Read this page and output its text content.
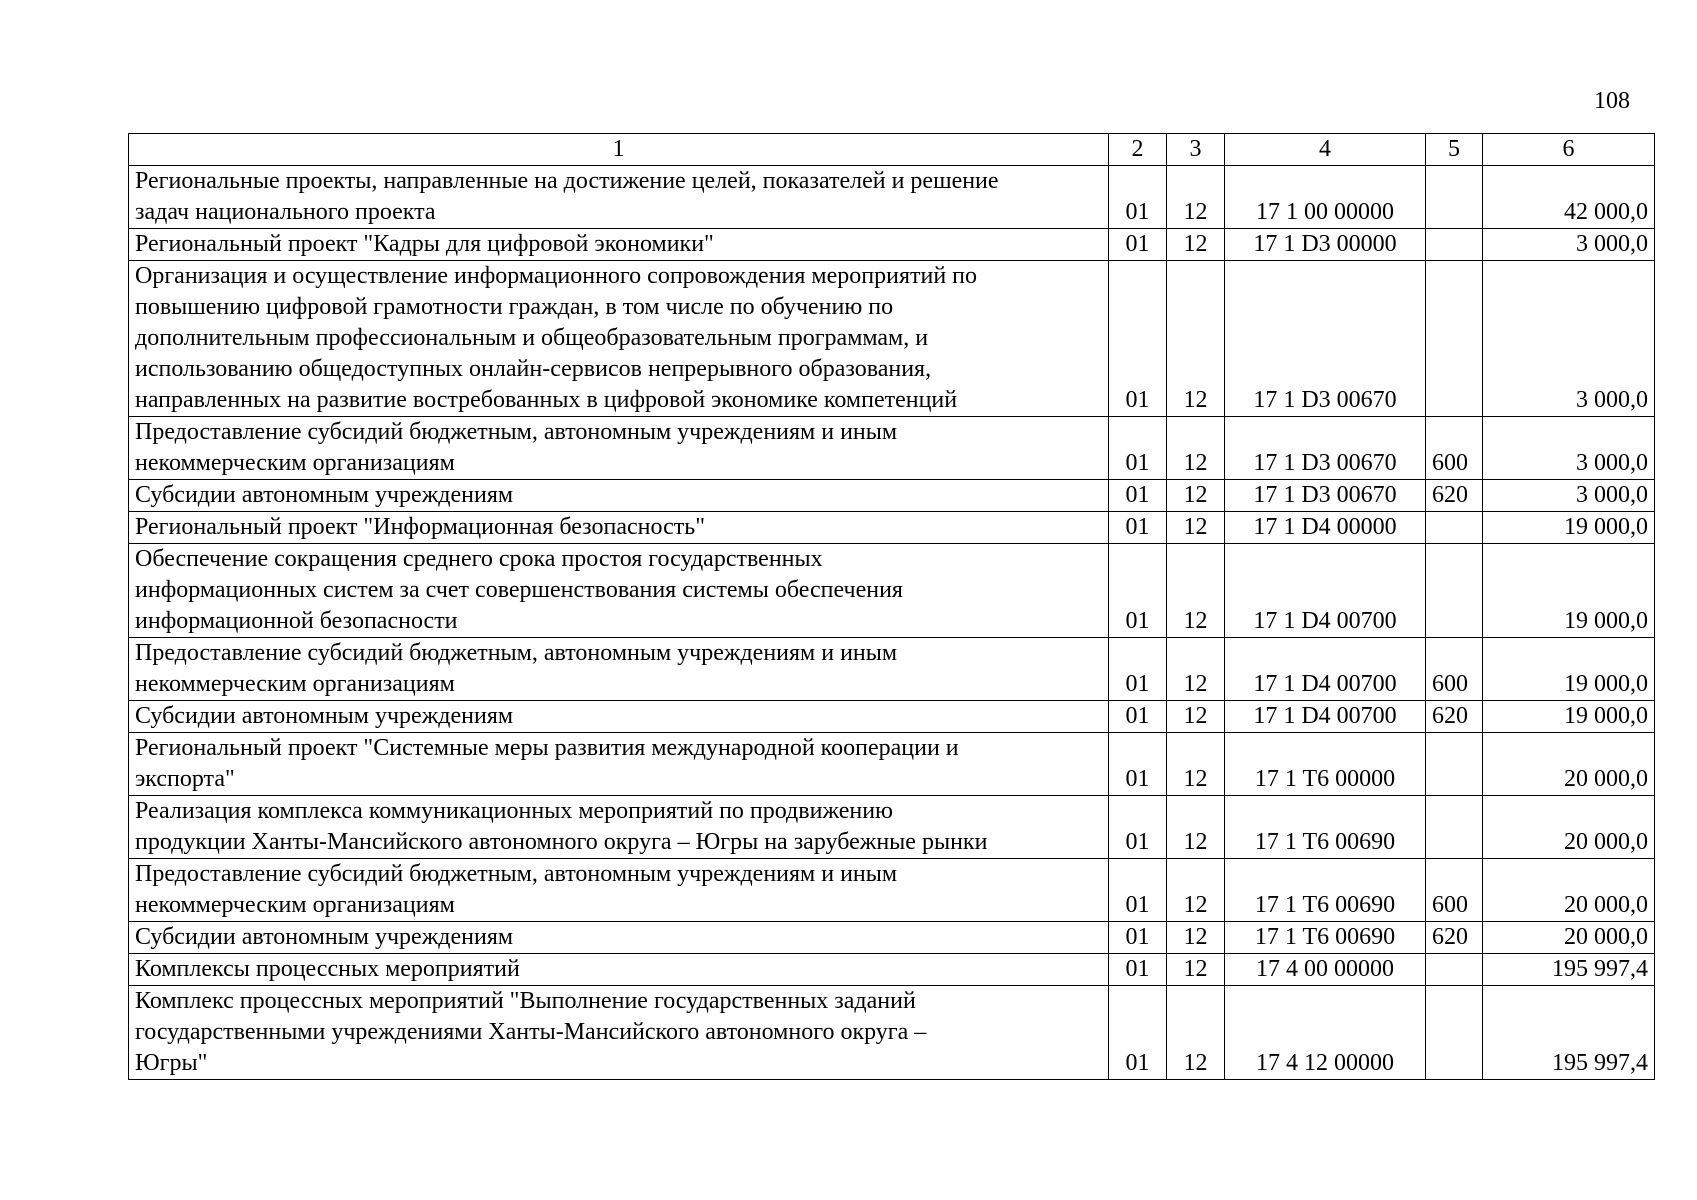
108
1	2	3	4	5	6

Региональные проекты, направленные на достижение целей, показателей и решение
задач национального проекта	01	12	17 1 00 00000		42 000,0

Региональный проект "Кадры для цифровой экономики"	01	12	17 1 D3 00000		3 000,0

Организация и осуществление информационного сопровождения мероприятий по
повышению цифровой грамотности граждан, в том числе по обучению по
дополнительным профессиональным и общеобразовательным программам, и
использованию общедоступных онлайн-сервисов непрерывного образования,
направленных на развитие востребованных в цифровой экономике компетенций	01	12	17 1 D3 00670		3 000,0

Предоставление субсидий бюджетным, автономным учреждениям и иным
некоммерческим организациям	01	12	17 1 D3 00670	600	3 000,0

Субсидии автономным учреждениям	01	12	17 1 D3 00670	620	3 000,0

Региональный проект "Информационная безопасность"	01	12	17 1 D4 00000		19 000,0

Обеспечение сокращения среднего срока простоя государственных
информационных систем за счет совершенствования системы обеспечения
информационной безопасности	01	12	17 1 D4 00700		19 000,0

Предоставление субсидий бюджетным, автономным учреждениям и иным
некоммерческим организациям	01	12	17 1 D4 00700	600	19 000,0

Субсидии автономным учреждениям	01	12	17 1 D4 00700	620	19 000,0

Региональный проект "Системные меры развития международной кооперации и
экспорта"	01	12	17 1 T6 00000		20 000,0

Реализация комплекса коммуникационных мероприятий по продвижению
продукции Ханты-Мансийского автономного округа – Югры на зарубежные рынки	01	12	17 1 T6 00690		20 000,0

Предоставление субсидий бюджетным, автономным учреждениям и иным
некоммерческим организациям	01	12	17 1 T6 00690	600	20 000,0

Субсидии автономным учреждениям	01	12	17 1 T6 00690	620	20 000,0

Комплексы процессных мероприятий	01	12	17 4 00 00000		195 997,4

Комплекс процессных мероприятий "Выполнение государственных заданий
государственными учреждениями Ханты-Мансийского автономного округа –
Югры"	01	12	17 4 12 00000		195 997,4
